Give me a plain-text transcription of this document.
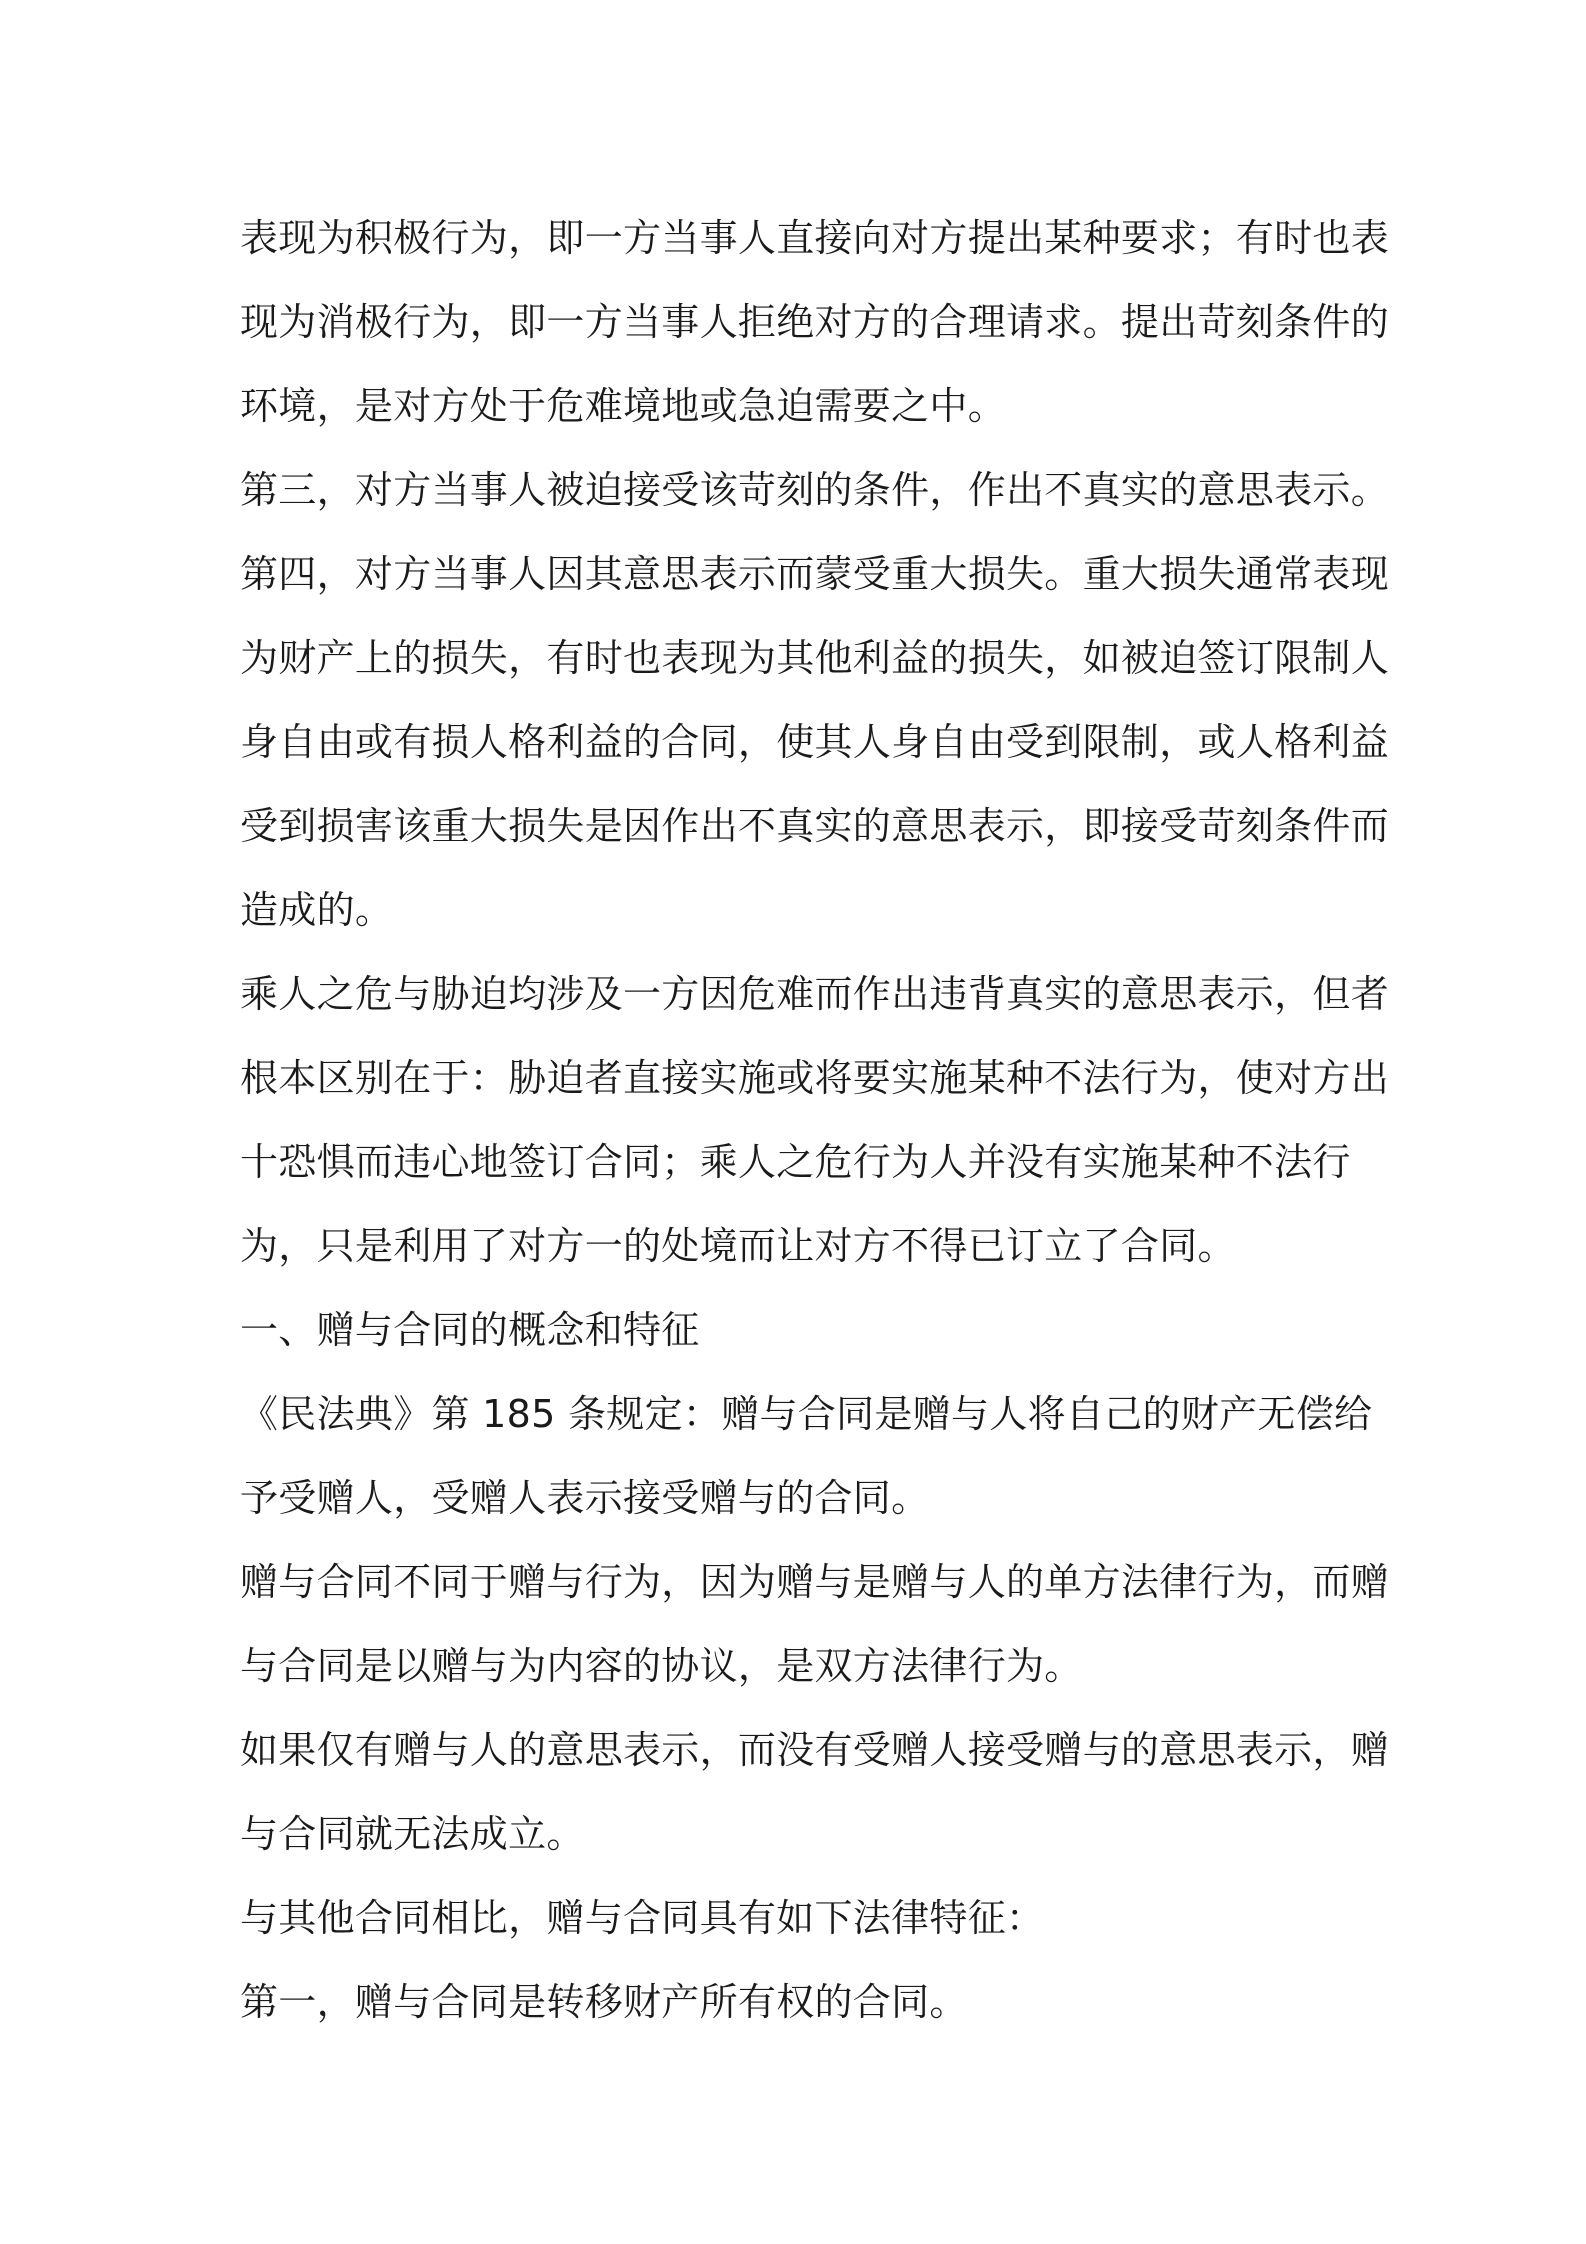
表现为积极行为，即一方当事人直接向对方提出某种要求；有时也表
现为消极行为，即一方当事人拒绝对方的合理请求。提出苛刻条件的
环境，是对方处于危难境地或急迫需要之中。
第三，对方当事人被迫接受该苛刻的条件，作出不真实的意思表示。
第四，对方当事人因其意思表示而蒙受重大损失。重大损失通常表现
为财产上的损失，有时也表现为其他利益的损失，如被迫签订限制人
身自由或有损人格利益的合同，使其人身自由受到限制，或人格利益
受到损害该重大损失是因作出不真实的意思表示，即接受苛刻条件而
造成的。
乘人之危与胁迫均涉及一方因危难而作出违背真实的意思表示，但者
根本区别在于：胁迫者直接实施或将要实施某种不法行为，使对方出
十恐惧而违心地签订合同；乘人之危行为人并没有实施某种不法行
为，只是利用了对方一的处境而让对方不得已订立了合同。
一、赠与合同的概念和特征
《民法典》第 185 条规定：赠与合同是赠与人将自己的财产无偿给
予受赠人，受赠人表示接受赠与的合同。
赠与合同不同于赠与行为，因为赠与是赠与人的单方法律行为，而赠
与合同是以赠与为内容的协议，是双方法律行为。
如果仅有赠与人的意思表示，而没有受赠人接受赠与的意思表示，赠
与合同就无法成立。
与其他合同相比，赠与合同具有如下法律特征：
第一，赠与合同是转移财产所有权的合同。
